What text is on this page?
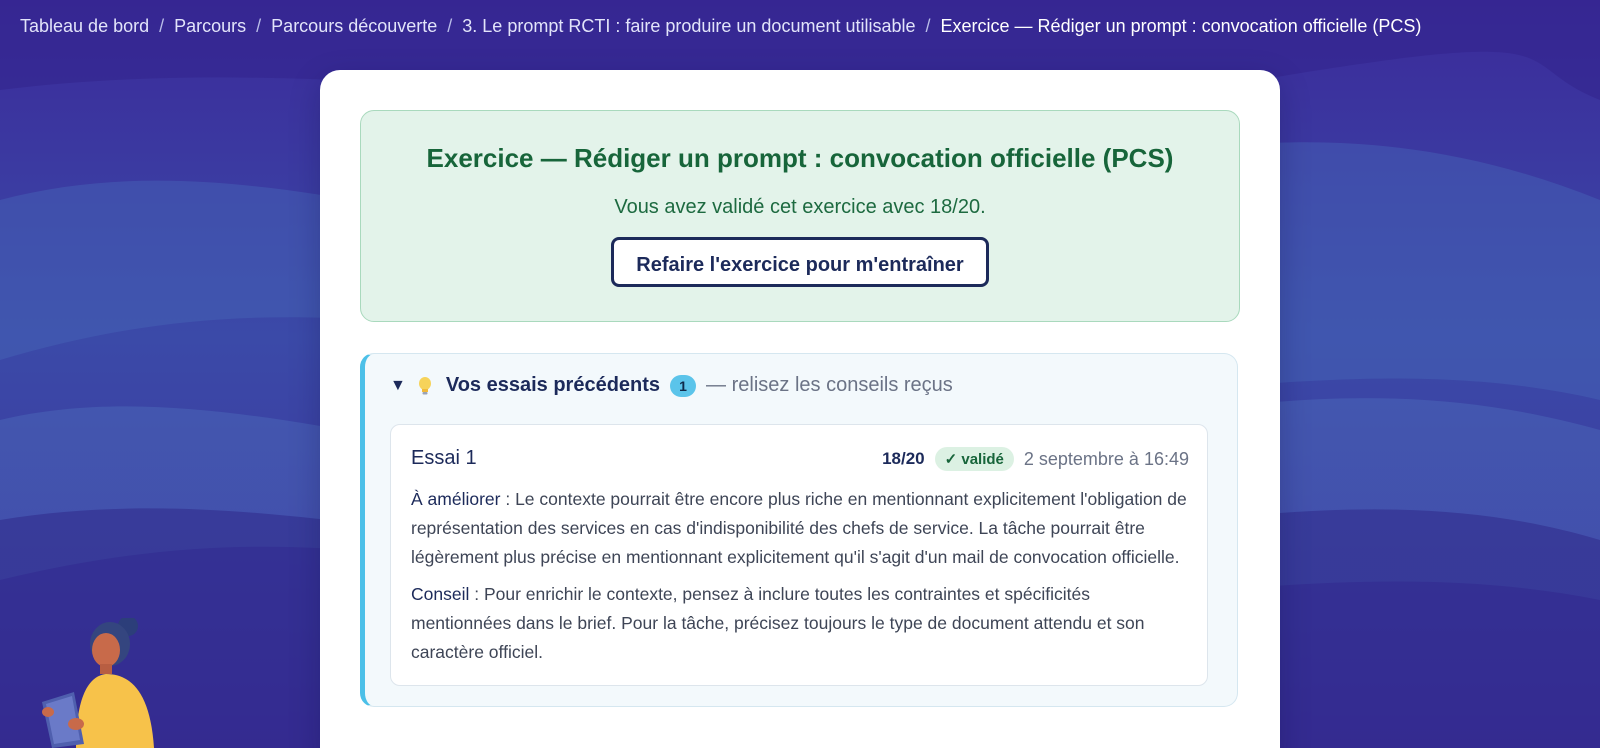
Tableau de bord / Parcours / Parcours découverte / 3. Le prompt RCTI : faire produire un document utilisable / Exercice — Rédiger un prompt : convocation officielle (PCS)
Exercice — Rédiger un prompt : convocation officielle (PCS)
Vous avez validé cet exercice avec 18/20.
Refaire l'exercice pour m'entraîner
▼ Vos essais précédents	1 — relisez les conseils reçus
Essai 1	18/20	✓ validé	2 septembre à 16:49

À améliorer : Le contexte pourrait être encore plus riche en mentionnant explicitement l'obligation de représentation des services en cas d'indisponibilité des chefs de service. La tâche pourrait être légèrement plus précise en mentionnant explicitement qu'il s'agit d'un mail de convocation officielle.

Conseil : Pour enrichir le contexte, pensez à inclure toutes les contraintes et spécificités mentionnées dans le brief. Pour la tâche, précisez toujours le type de document attendu et son caractère officiel.
